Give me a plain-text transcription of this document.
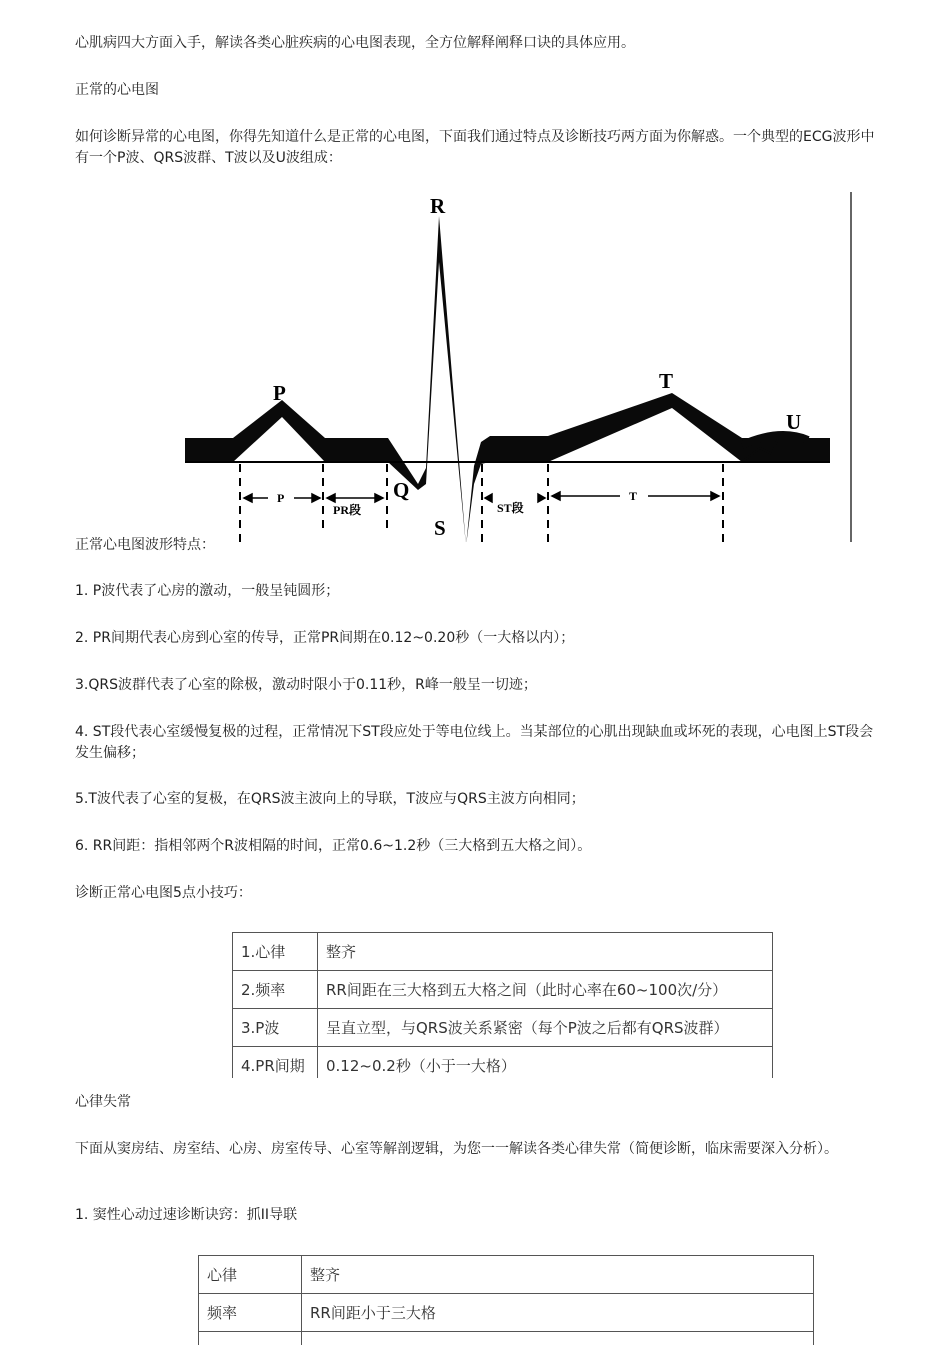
心肌病四大方面入手，解读各类心脏疾病的心电图表现，全方位解释阐释口诀的具体应用。

正常的心电图

如何诊断异常的心电图，你得先知道什么是正常的心电图，下面我们通过特点及诊断技巧两方面为你解惑。一个典型的ECG波形中有一个P波、QRS波群、T波以及U波组成：

P
R
Q
S
T
U
P
PR段	ST段
T

正常心电图波形特点：

1. P波代表了心房的激动，一般呈钝圆形；

2. PR间期代表心房到心室的传导，正常PR间期在0.12~0.20秒（一大格以内）；

3.QRS波群代表了心室的除极，激动时限小于0.11秒，R峰一般呈一切迹；

4. ST段代表心室缓慢复极的过程，正常情况下ST段应处于等电位线上。当某部位的心肌出现缺血或坏死的表现，心电图上ST段会发生偏移；

5.T波代表了心室的复极，在QRS波主波向上的导联，T波应与QRS主波方向相同；

6. RR间距：指相邻两个R波相隔的时间，正常0.6~1.2秒（三大格到五大格之间）。

诊断正常心电图5点小技巧：

1.心律	整齐
2.频率	RR间距在三大格到五大格之间（此时心率在60~100次/分）
3.P波	呈直立型，与QRS波关系紧密（每个P波之后都有QRS波群）
4.PR间期	0.12~0.2秒（小于一大格）

心律失常

下面从窦房结、房室结、心房、房室传导、心室等解剖逻辑，为您一一解读各类心律失常（简便诊断，临床需要深入分析）。

1. 窦性心动过速诊断诀窍：抓II导联

心律	整齐
频率	RR间距小于三大格
